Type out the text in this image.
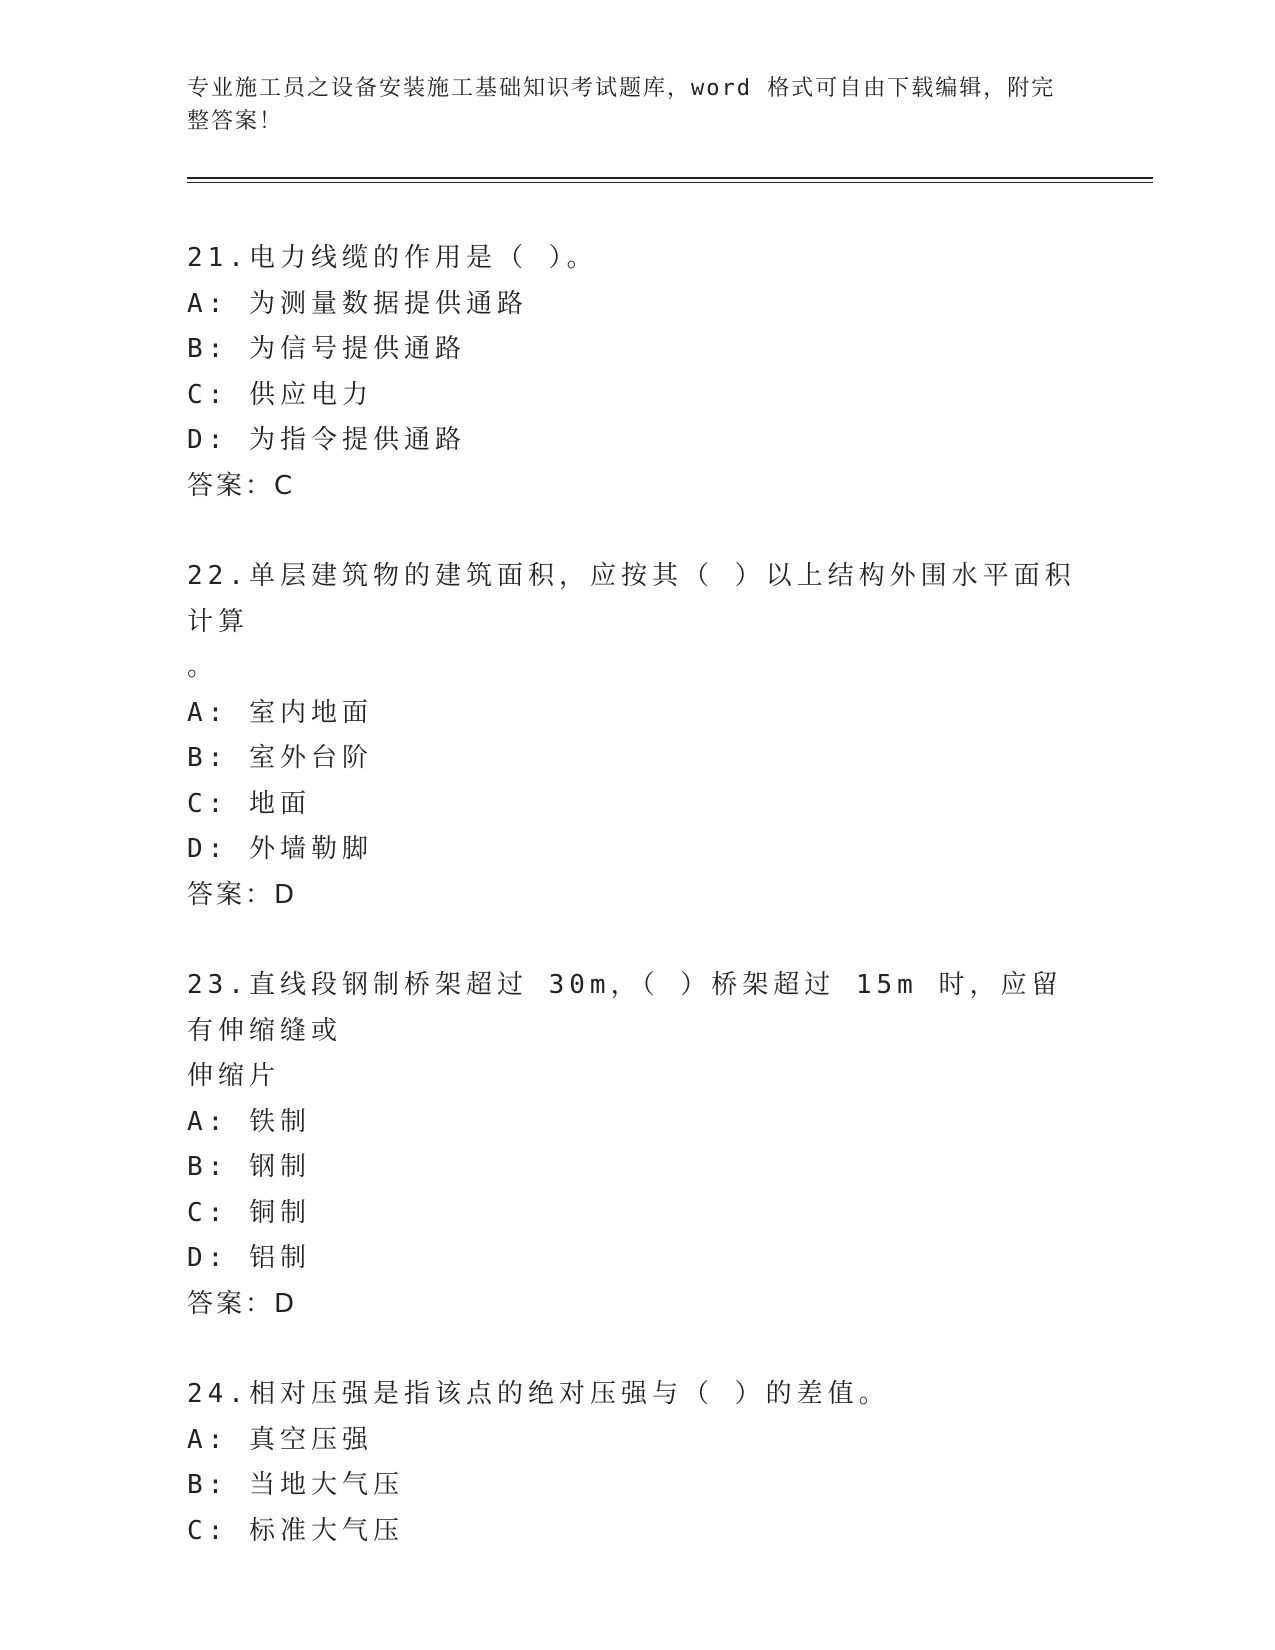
专业施工员之设备安装施工基础知识考试题库，word 格式可自由下载编辑，附完
整答案！
21.电力线缆的作用是（ ）。
A: 为测量数据提供通路
B: 为信号提供通路
C: 供应电力
D: 为指令提供通路
答案：C
22.单层建筑物的建筑面积，应按其（ ）以上结构外围水平面积计算
。
A: 室内地面
B: 室外台阶
C: 地面
D: 外墙勒脚
答案：D
23.直线段钢制桥架超过 30m，（ ）桥架超过 15m 时，应留有伸缩缝或
伸缩片
A: 铁制
B: 钢制
C: 铜制
D: 铝制
答案：D
24.相对压强是指该点的绝对压强与（ ）的差值。
A: 真空压强
B: 当地大气压
C: 标准大气压
